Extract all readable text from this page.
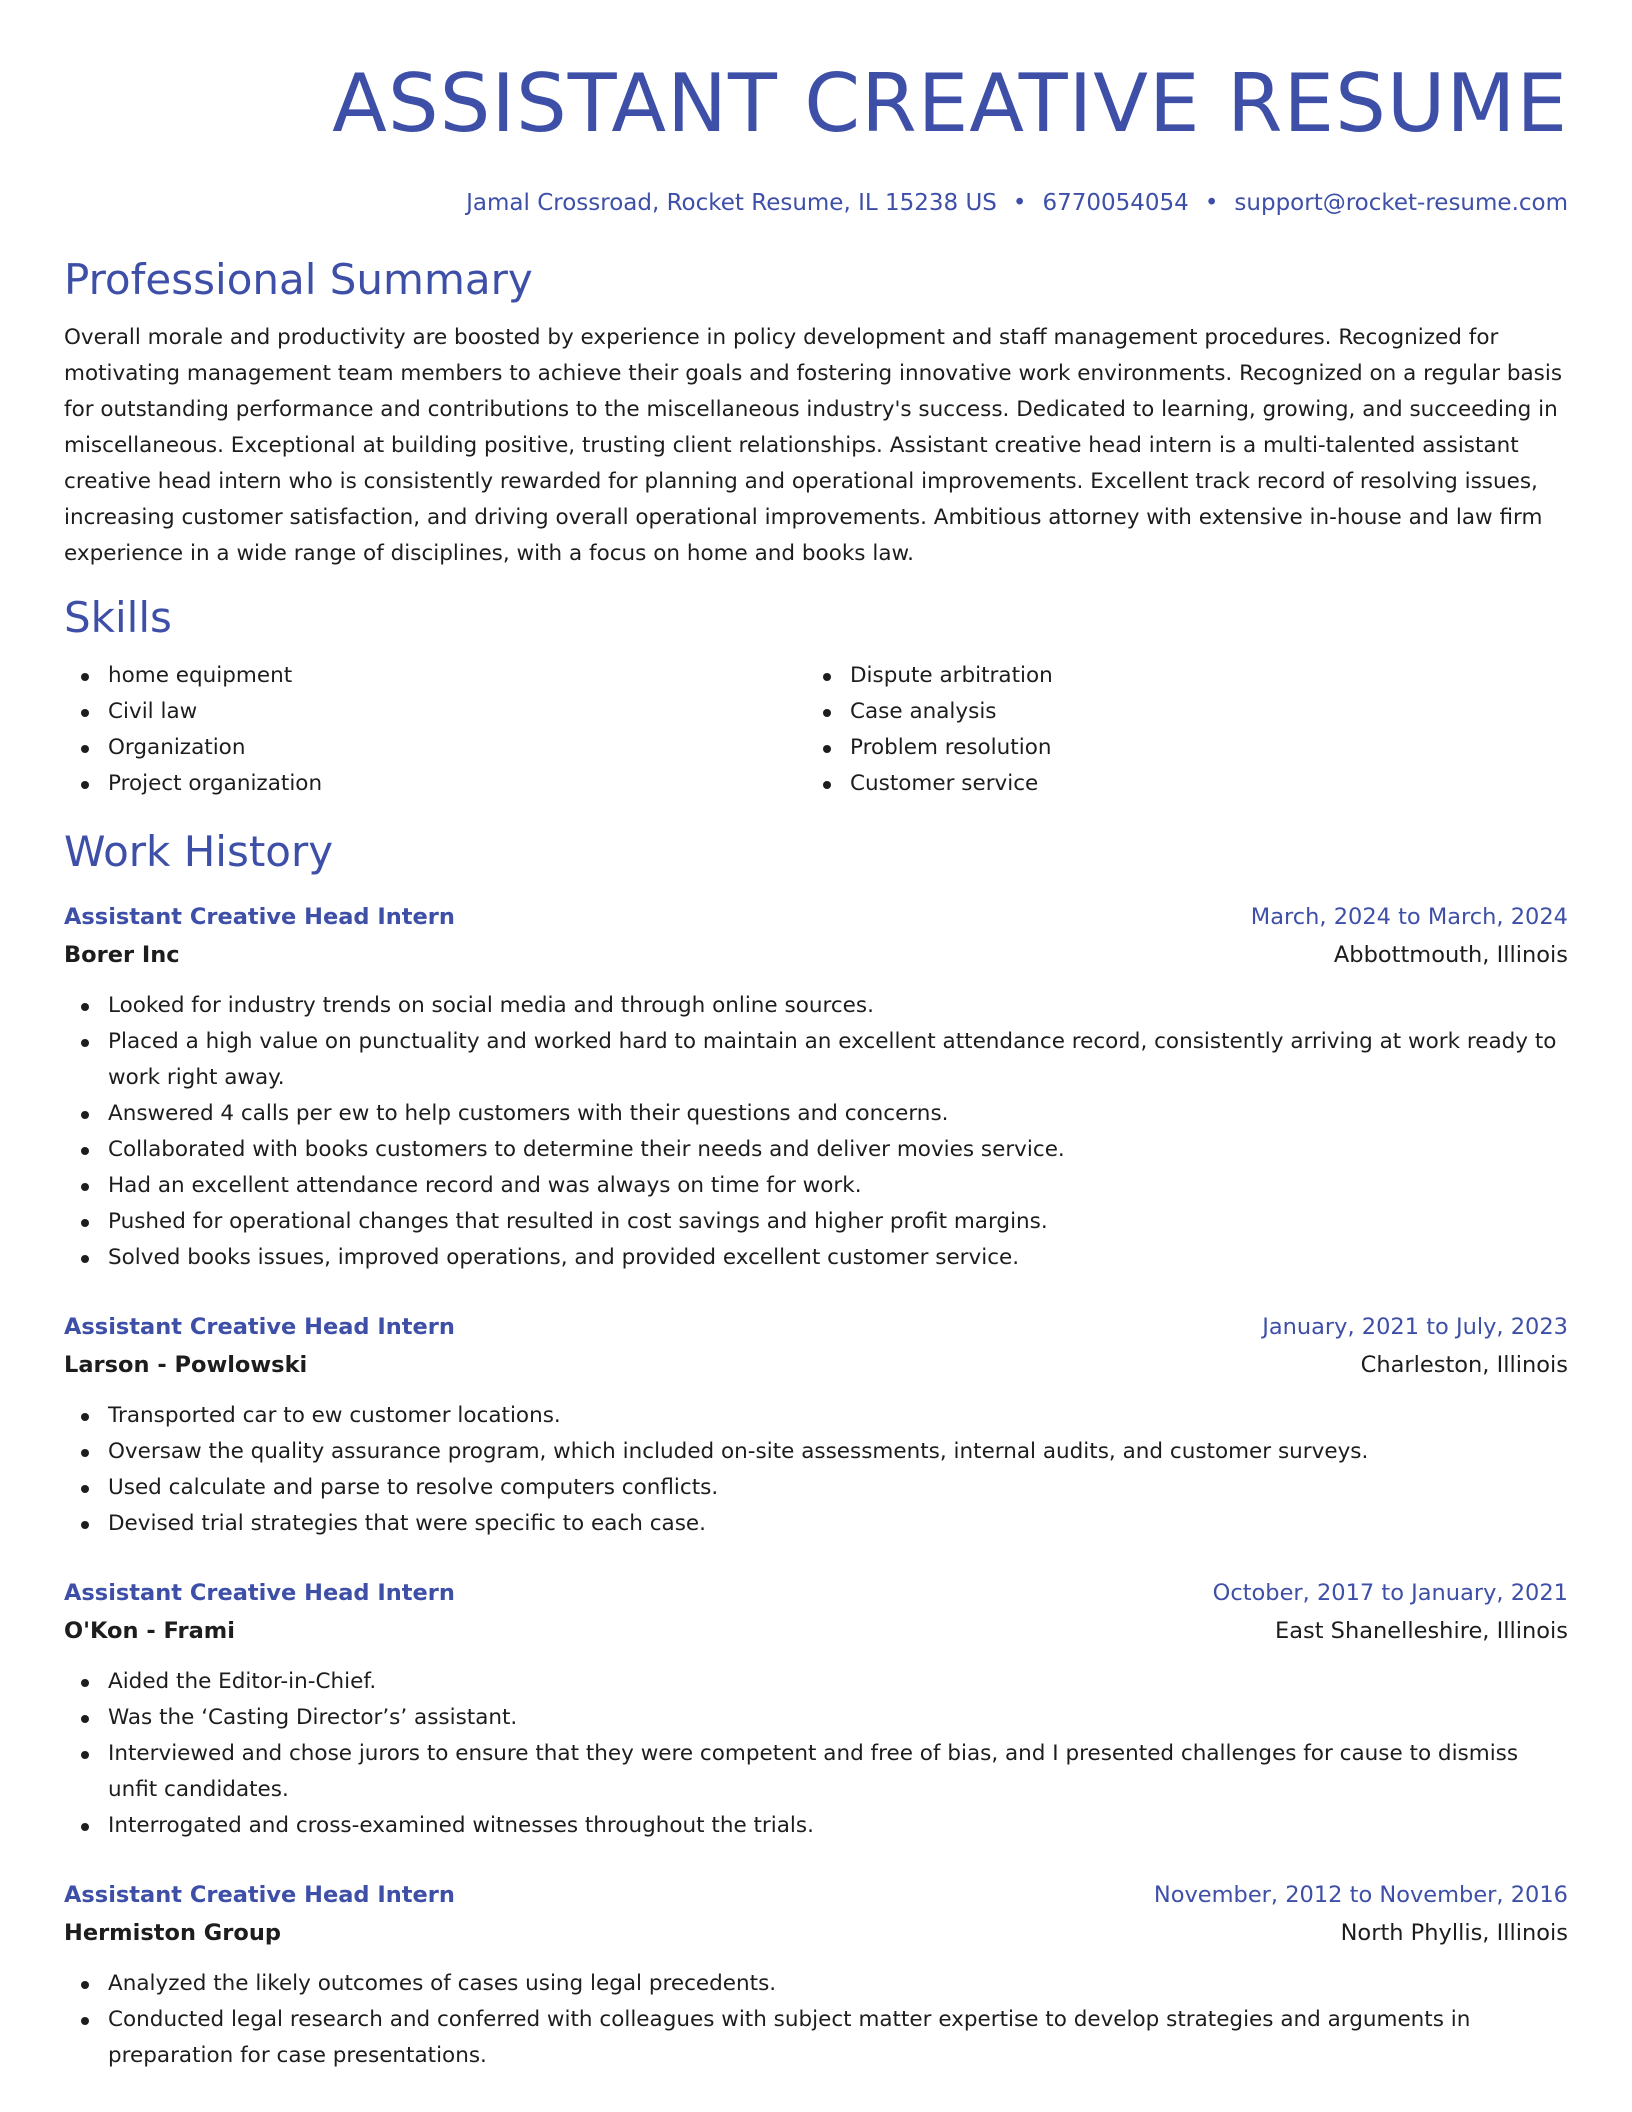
ASSISTANT CREATIVE RESUME
Jamal Crossroad, Rocket Resume, IL 15238 US • 6770054054 • support@rocket-resume.com
Professional Summary

Overall morale and productivity are boosted by experience in policy development and staff management procedures. Recognized for motivating management team members to achieve their goals and fostering innovative work environments. Recognized on a regular basis for outstanding performance and contributions to the miscellaneous industry's success. Dedicated to learning, growing, and succeeding in miscellaneous. Exceptional at building positive, trusting client relationships. Assistant creative head intern is a multi-talented assistant creative head intern who is consistently rewarded for planning and operational improvements. Excellent track record of resolving issues, increasing customer satisfaction, and driving overall operational improvements. Ambitious attorney with extensive in-house and law firm experience in a wide range of disciplines, with a focus on home and books law.

Skills
home equipment
Civil law
Organization
Project organization
Dispute arbitration
Case analysis
Problem resolution
Customer service
Work History
Assistant Creative Head Intern	March, 2024 to March, 2024
Borer Inc	Abbottmouth, Illinois
Looked for industry trends on social media and through online sources.
Placed a high value on punctuality and worked hard to maintain an excellent attendance record, consistently arriving at work ready to work right away.
Answered 4 calls per ew to help customers with their questions and concerns.
Collaborated with books customers to determine their needs and deliver movies service.
Had an excellent attendance record and was always on time for work.
Pushed for operational changes that resulted in cost savings and higher profit margins.
Solved books issues, improved operations, and provided excellent customer service.
Assistant Creative Head Intern	January, 2021 to July, 2023
Larson - Powlowski	Charleston, Illinois
Transported car to ew customer locations.
Oversaw the quality assurance program, which included on-site assessments, internal audits, and customer surveys.
Used calculate and parse to resolve computers conflicts.
Devised trial strategies that were specific to each case.
Assistant Creative Head Intern	October, 2017 to January, 2021
O'Kon - Frami	East Shanelleshire, Illinois
Aided the Editor-in-Chief.
Was the ‘Casting Director’s’ assistant.
Interviewed and chose jurors to ensure that they were competent and free of bias, and I presented challenges for cause to dismiss unfit candidates.
Interrogated and cross-examined witnesses throughout the trials.
Assistant Creative Head Intern	November, 2012 to November, 2016
Hermiston Group	North Phyllis, Illinois
Analyzed the likely outcomes of cases using legal precedents.
Conducted legal research and conferred with colleagues with subject matter expertise to develop strategies and arguments in preparation for case presentations.
